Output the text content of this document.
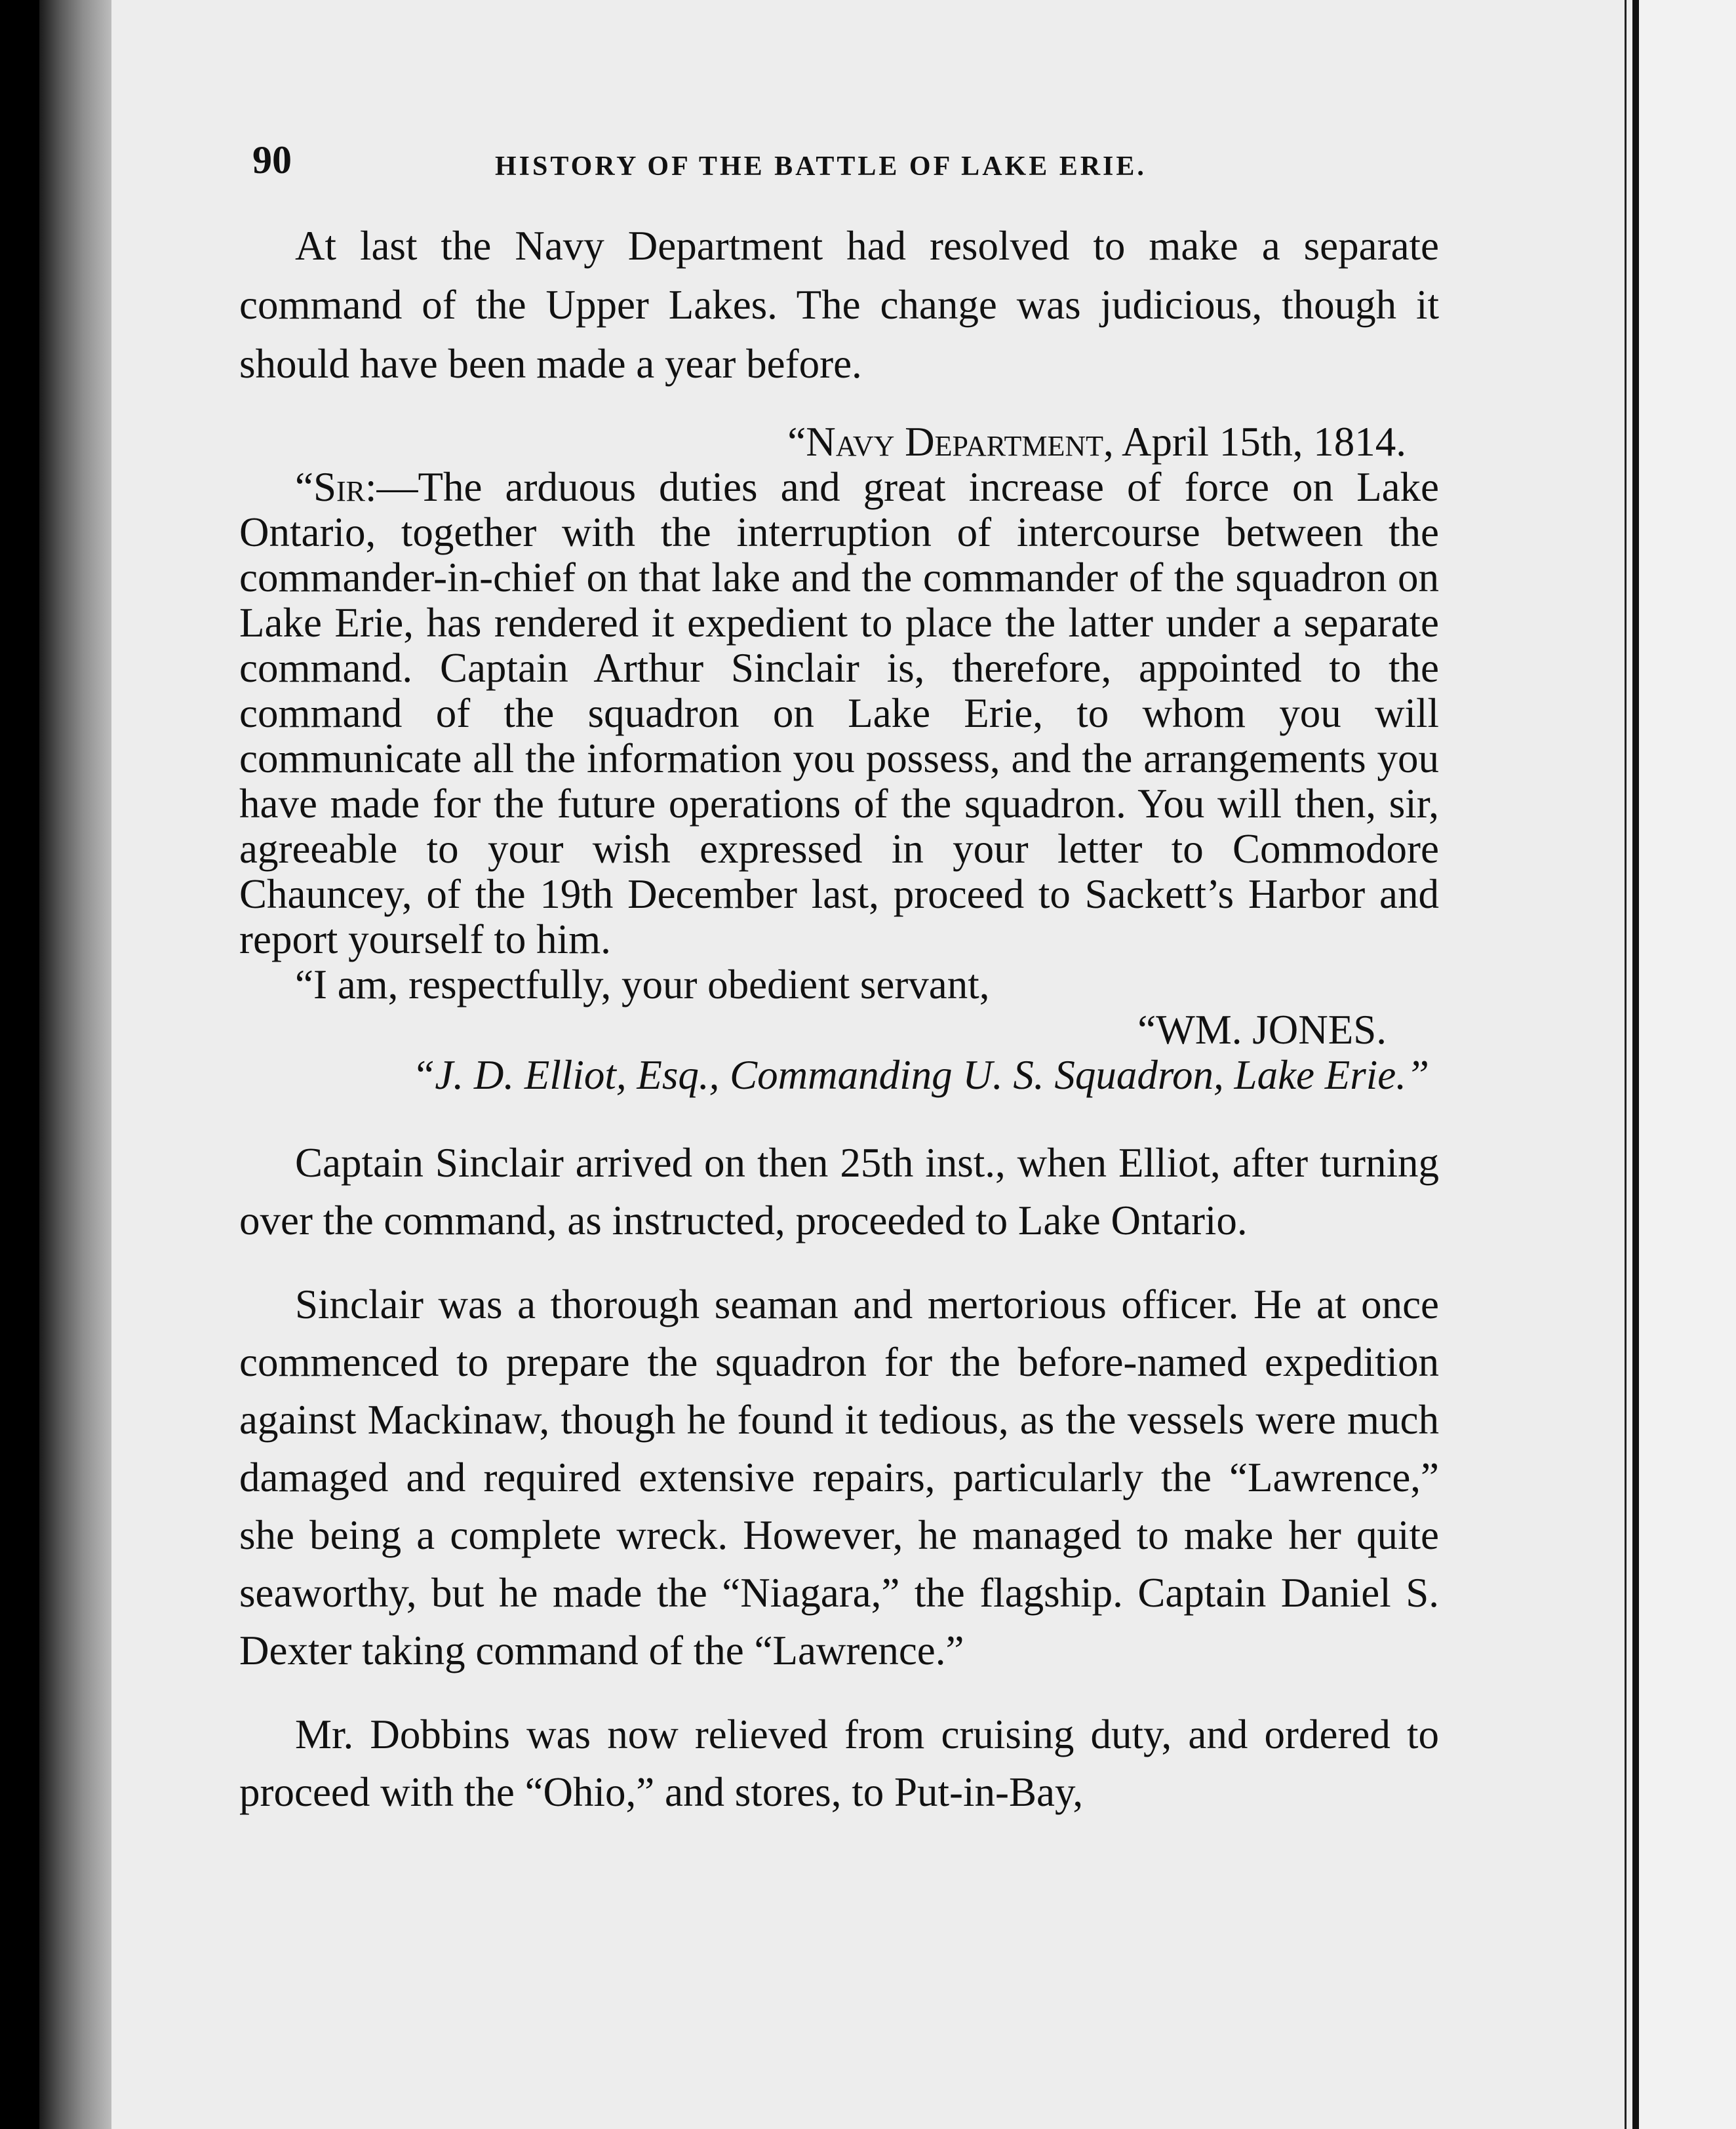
90	HISTORY OF THE BATTLE OF LAKE ERIE.

At last the Navy Department had resolved to make a separate command of the Upper Lakes. The change was judicious, though it should have been made a year before.

“Navy Department, April 15th, 1814.

“Sir:—The arduous duties and great increase of force on Lake Ontario, together with the interruption of intercourse between the commander-in-chief on that lake and the commander of the squadron on Lake Erie, has rendered it expedient to place the latter under a separate command. Captain Arthur Sinclair is, therefore, appointed to the command of the squadron on Lake Erie, to whom you will communicate all the information you possess, and the arrangements you have made for the future operations of the squadron. You will then, sir, agreeable to your wish expressed in your letter to Commodore Chauncey, of the 19th December last, proceed to Sackett’s Harbor and report yourself to him.

“I am, respectfully, your obedient servant,

“WM. JONES.

“J. D. Elliot, Esq., Commanding U. S. Squadron, Lake Erie.”

Captain Sinclair arrived on then 25th inst., when Elliot, after turning over the command, as instructed, proceeded to Lake Ontario.

Sinclair was a thorough seaman and mertorious officer. He at once commenced to prepare the squadron for the before-named expedition against Mackinaw, though he found it tedious, as the vessels were much damaged and required extensive repairs, particularly the “Lawrence,” she being a complete wreck. However, he managed to make her quite seaworthy, but he made the “Niagara,” the flagship. Captain Daniel S. Dexter taking command of the “Lawrence.”

Mr. Dobbins was now relieved from cruising duty, and ordered to proceed with the “Ohio,” and stores, to Put-in-Bay,
